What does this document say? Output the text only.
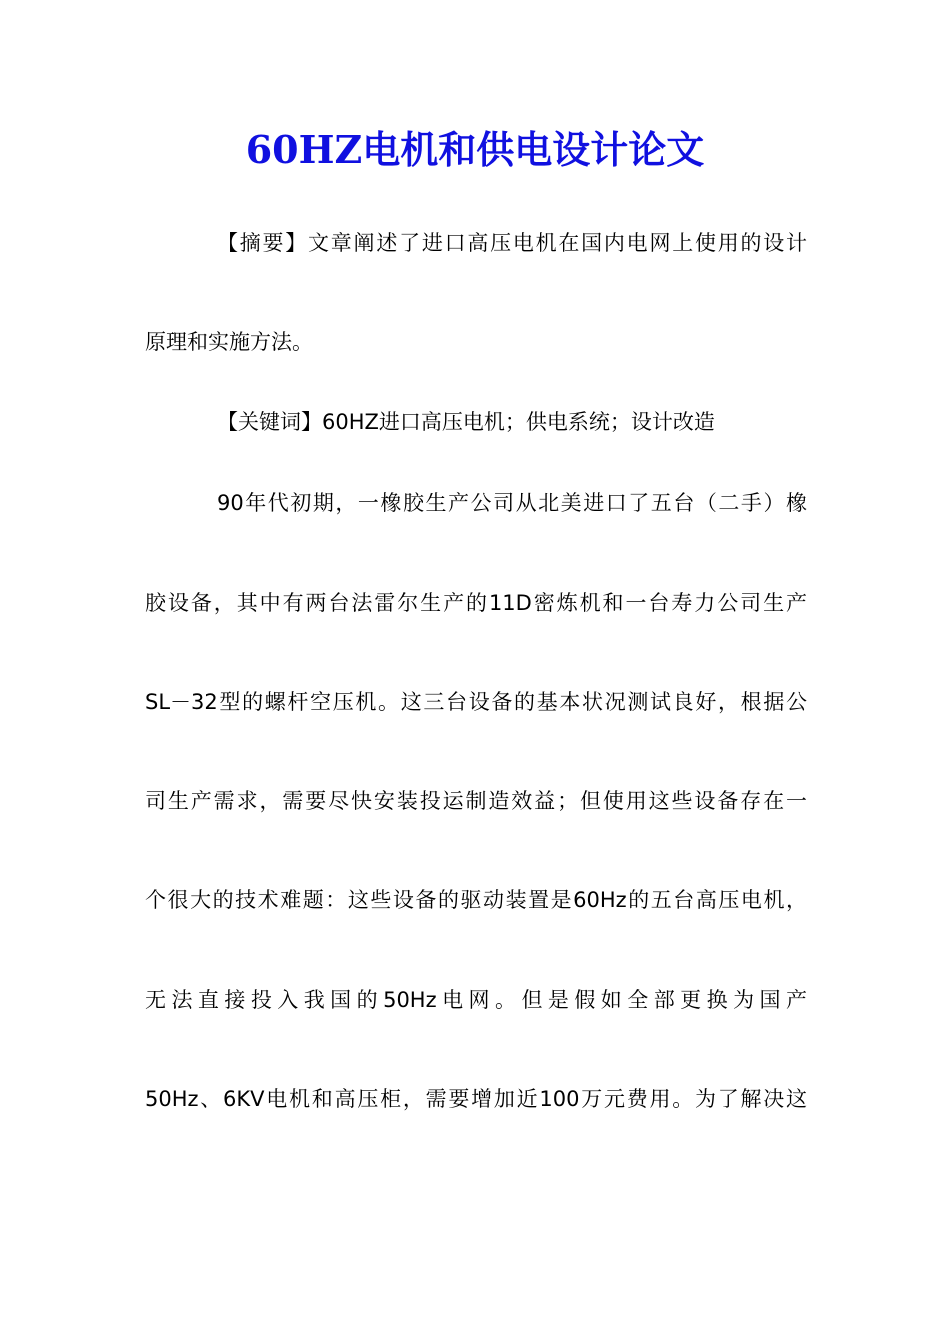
60HZ电机和供电设计论文

【摘要】文章阐述了进口高压电机在国内电网上使用的设计

原理和实施方法。

【关键词】60HZ进口高压电机；供电系统；设计改造

90年代初期，一橡胶生产公司从北美进口了五台（二手）橡

胶设备，其中有两台法雷尔生产的11D密炼机和一台寿力公司生产

SL－32型的螺杆空压机。这三台设备的基本状况测试良好，根据公

司生产需求，需要尽快安装投运制造效益；但使用这些设备存在一

个很大的技术难题：这些设备的驱动装置是60Hz的五台高压电机，

无法直接投入我国的50Hz电网。但是假如全部更换为国产

50Hz、6KV电机和高压柜，需要增加近100万元费用。为了解决这
